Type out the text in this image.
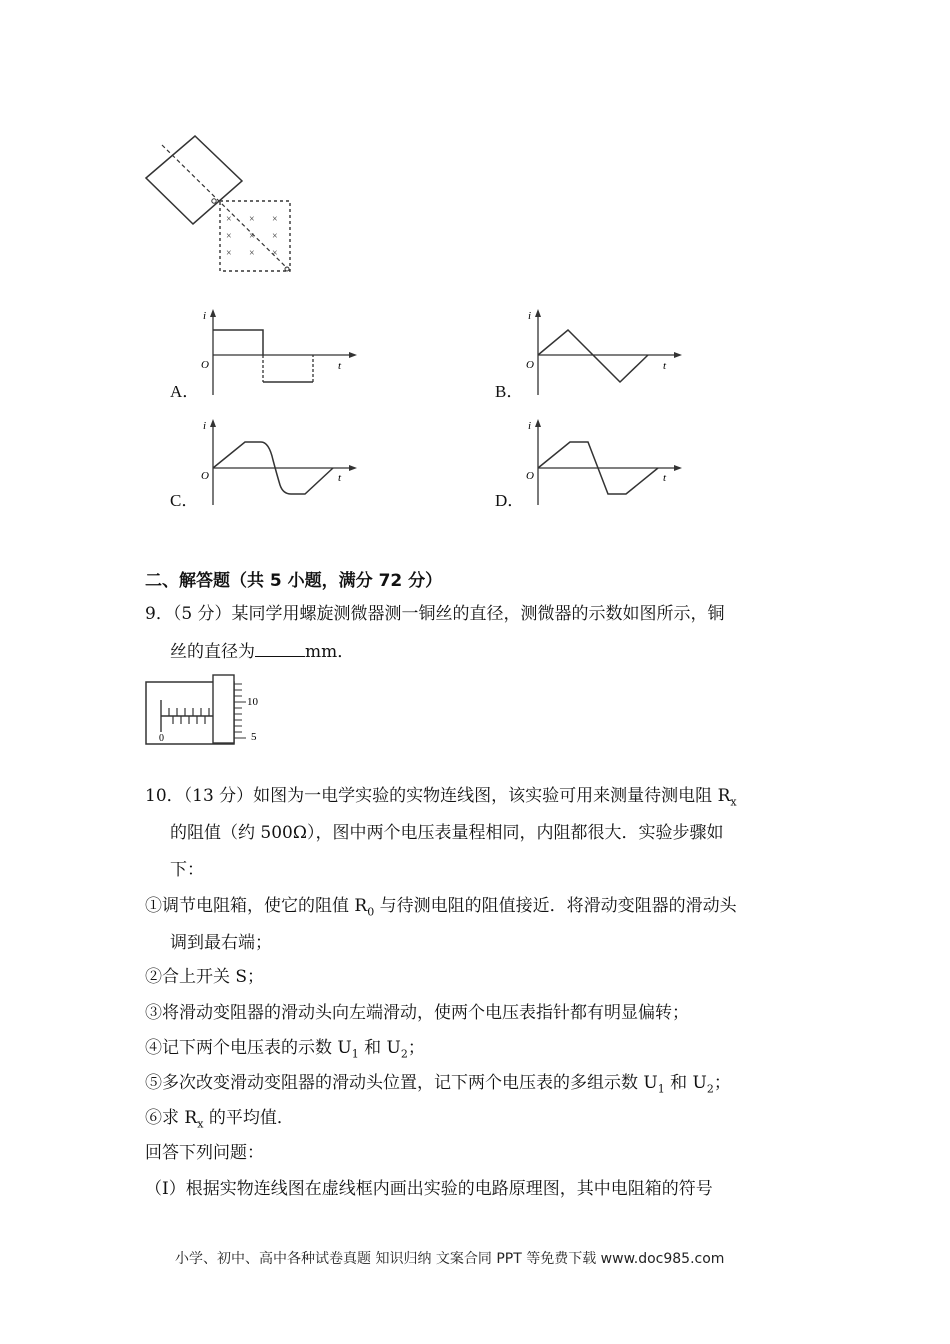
× × ×
× × ×
× × ×
A．
i
t
O
B．
i
t
O
C．
i
t
O
D．
i
t
O
二、解答题（共 5 小题，满分 72 分）
9．（5 分）某同学用螺旋测微器测一铜丝的直径，测微器的示数如图所示，铜
丝的直径为	mm．
10
5
0
10．（13 分）如图为一电学实验的实物连线图，该实验可用来测量待测电阻 $R_x$
的阻值（约 500Ω），图中两个电压表量程相同，内阻都很大．实验步骤如
下：
①调节电阻箱，使它的阻值 $R_0$ 与待测电阻的阻值接近．将滑动变阻器的滑动头
调到最右端；
②合上开关 S；
③将滑动变阻器的滑动头向左端滑动，使两个电压表指针都有明显偏转；
④记下两个电压表的示数 $U_1$ 和 $U_2$；
⑤多次改变滑动变阻器的滑动头位置，记下两个电压表的多组示数 $U_1$ 和 $U_2$；
⑥求 $R_x$ 的平均值．
回答下列问题：
（Ⅰ）根据实物连线图在虚线框内画出实验的电路原理图，其中电阻箱的符号
小学、初中、高中各种试卷真题 知识归纳 文案合同 PPT 等免费下载 www.doc985.com
